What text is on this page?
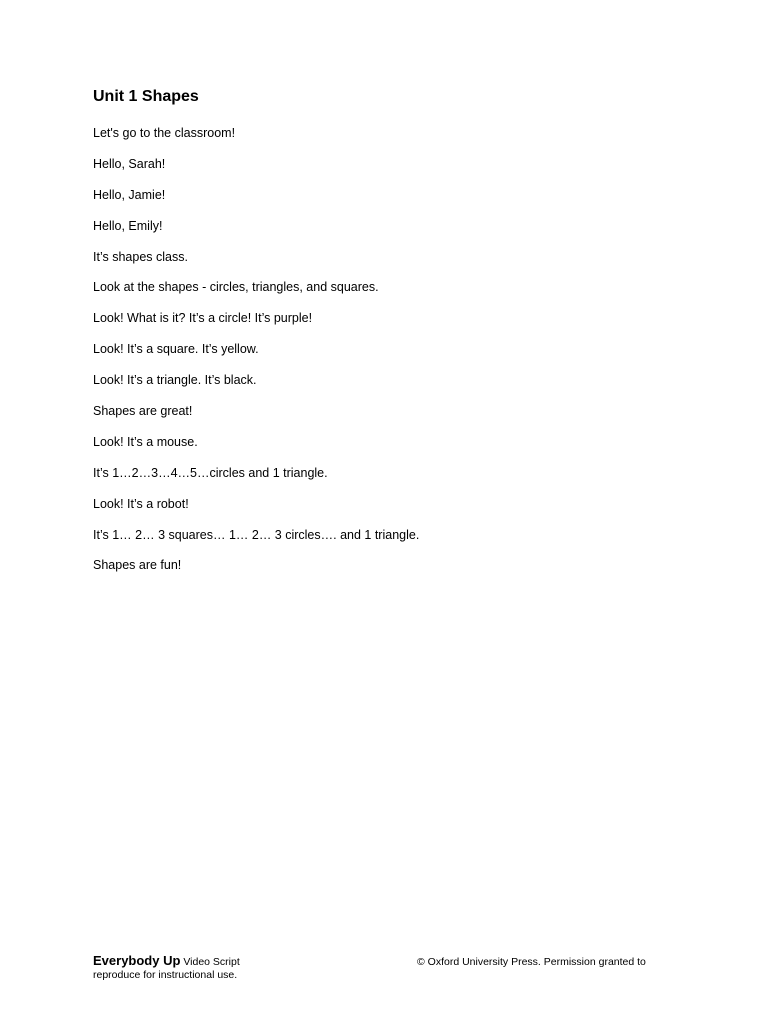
Unit 1 Shapes
Let's go to the classroom!
Hello, Sarah!
Hello, Jamie!
Hello, Emily!
It’s shapes class.
Look at the shapes - circles, triangles, and squares.
Look! What is it? It’s a circle! It’s purple!
Look! It’s a square. It’s yellow.
Look! It’s a triangle. It’s black.
Shapes are great!
Look! It’s a mouse.
It’s 1…2…3…4…5…circles and 1 triangle.
Look! It’s a robot!
It’s 1… 2… 3 squares… 1… 2… 3 circles…. and 1 triangle.
Shapes are fun!
Everybody Up Video Script
reproduce for instructional use.
© Oxford University Press. Permission granted to
